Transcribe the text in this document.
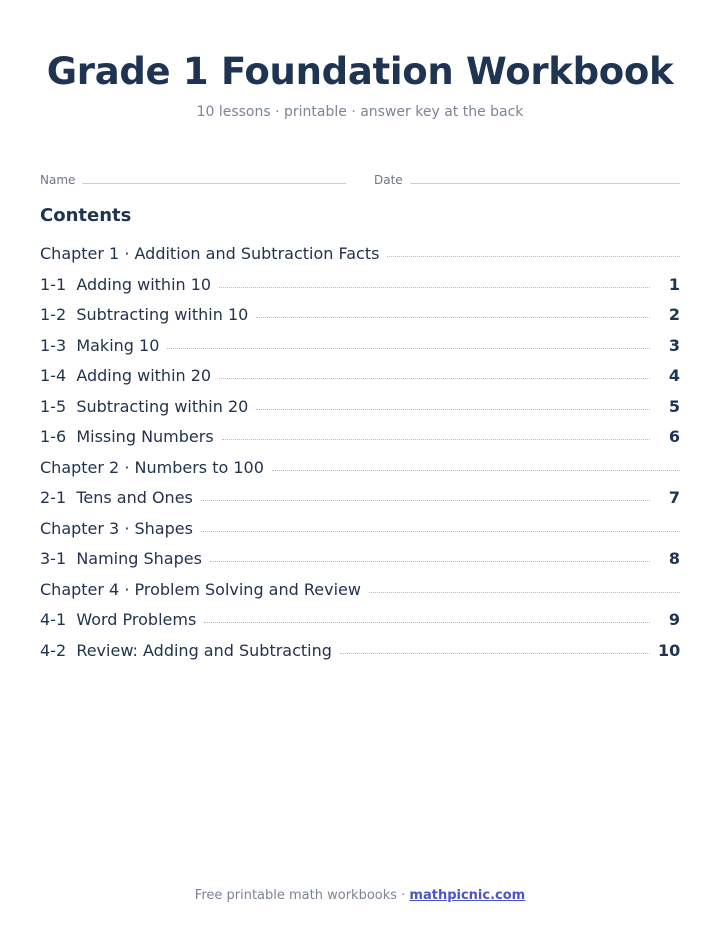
Grade 1 Foundation Workbook
10 lessons · printable · answer key at the back
Name	Date
Contents
Chapter 1 · Addition and Subtraction Facts
1-1 Adding within 10	1
1-2 Subtracting within 10	2
1-3 Making 10	3
1-4 Adding within 20	4
1-5 Subtracting within 20	5
1-6 Missing Numbers	6
Chapter 2 · Numbers to 100
2-1 Tens and Ones	7
Chapter 3 · Shapes
3-1 Naming Shapes	8
Chapter 4 · Problem Solving and Review
4-1 Word Problems	9
4-2 Review: Adding and Subtracting	10
Free printable math workbooks · mathpicnic.com
